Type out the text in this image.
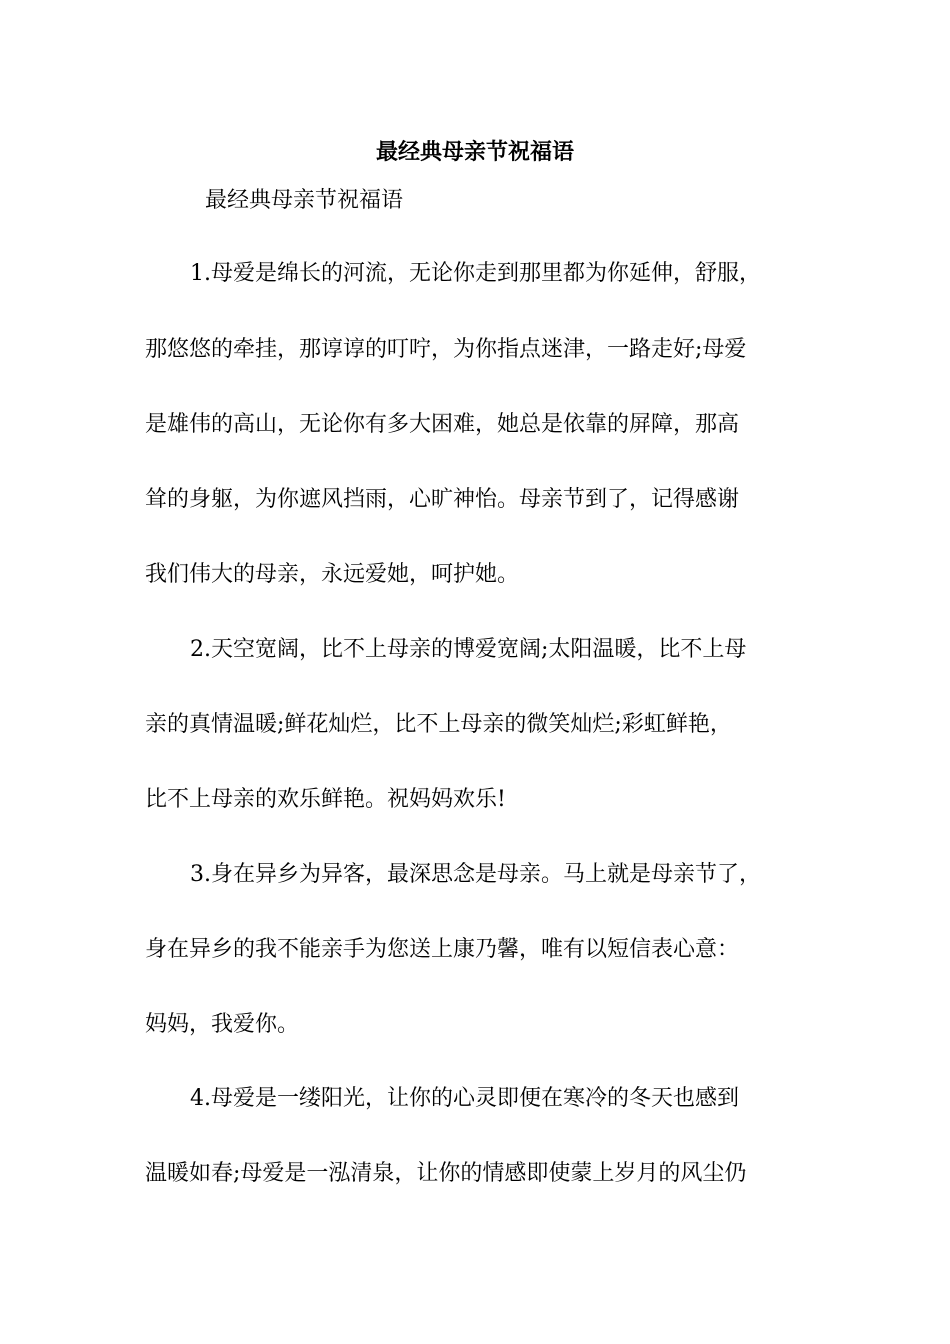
最经典母亲节祝福语
最经典母亲节祝福语
1.母爱是绵长的河流，无论你走到那里都为你延伸，舒服，
那悠悠的牵挂，那谆谆的叮咛，为你指点迷津，一路走好;母爱
是雄伟的高山，无论你有多大困难，她总是依靠的屏障，那高
耸的身躯，为你遮风挡雨，心旷神怡。母亲节到了，记得感谢
我们伟大的母亲，永远爱她，呵护她。
2.天空宽阔，比不上母亲的博爱宽阔;太阳温暖，比不上母
亲的真情温暖;鲜花灿烂，比不上母亲的微笑灿烂;彩虹鲜艳，
比不上母亲的欢乐鲜艳。祝妈妈欢乐!
3.身在异乡为异客，最深思念是母亲。马上就是母亲节了，
身在异乡的我不能亲手为您送上康乃馨，唯有以短信表心意：
妈妈，我爱你。
4.母爱是一缕阳光，让你的心灵即便在寒冷的冬天也感到
温暖如春;母爱是一泓清泉，让你的情感即使蒙上岁月的风尘仍
